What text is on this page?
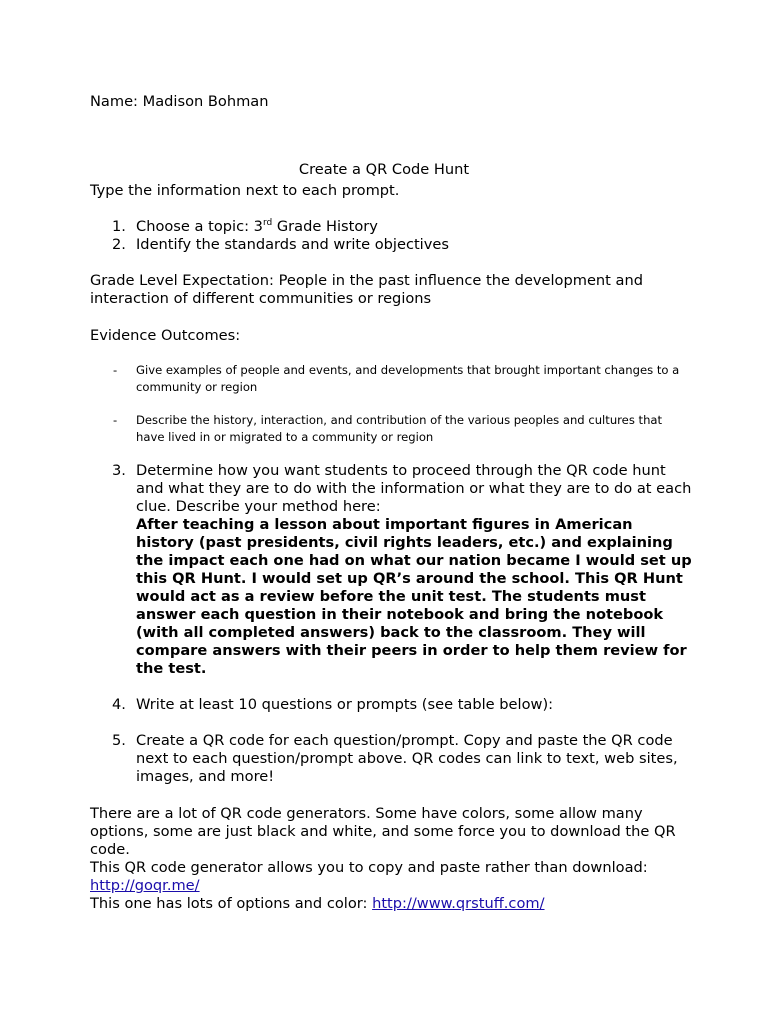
Name: Madison Bohman

Create a QR Code Hunt

Type the information next to each prompt.

1. Choose a topic: 3rd Grade History
2. Identify the standards and write objectives

Grade Level Expectation: People in the past influence the development and interaction of different communities or regions

Evidence Outcomes:

- Give examples of people and events, and developments that brought important changes to a community or region
- Describe the history, interaction, and contribution of the various peoples and cultures that have lived in or migrated to a community or region
3. Determine how you want students to proceed through the QR code hunt and what they are to do with the information or what they are to do at each clue. Describe your method here:
After teaching a lesson about important figures in American history (past presidents, civil rights leaders, etc.) and explaining the impact each one had on what our nation became I would set up this QR Hunt. I would set up QR’s around the school. This QR Hunt would act as a review before the unit test. The students must answer each question in their notebook and bring the notebook (with all completed answers) back to the classroom. They will compare answers with their peers in order to help them review for the test.
4. Write at least 10 questions or prompts (see table below):
5. Create a QR code for each question/prompt. Copy and paste the QR code next to each question/prompt above. QR codes can link to text, web sites, images, and more!
There are a lot of QR code generators. Some have colors, some allow many options, some are just black and white, and some force you to download the QR code.
This QR code generator allows you to copy and paste rather than download:
http://goqr.me/
This one has lots of options and color: http://www.qrstuff.com/
